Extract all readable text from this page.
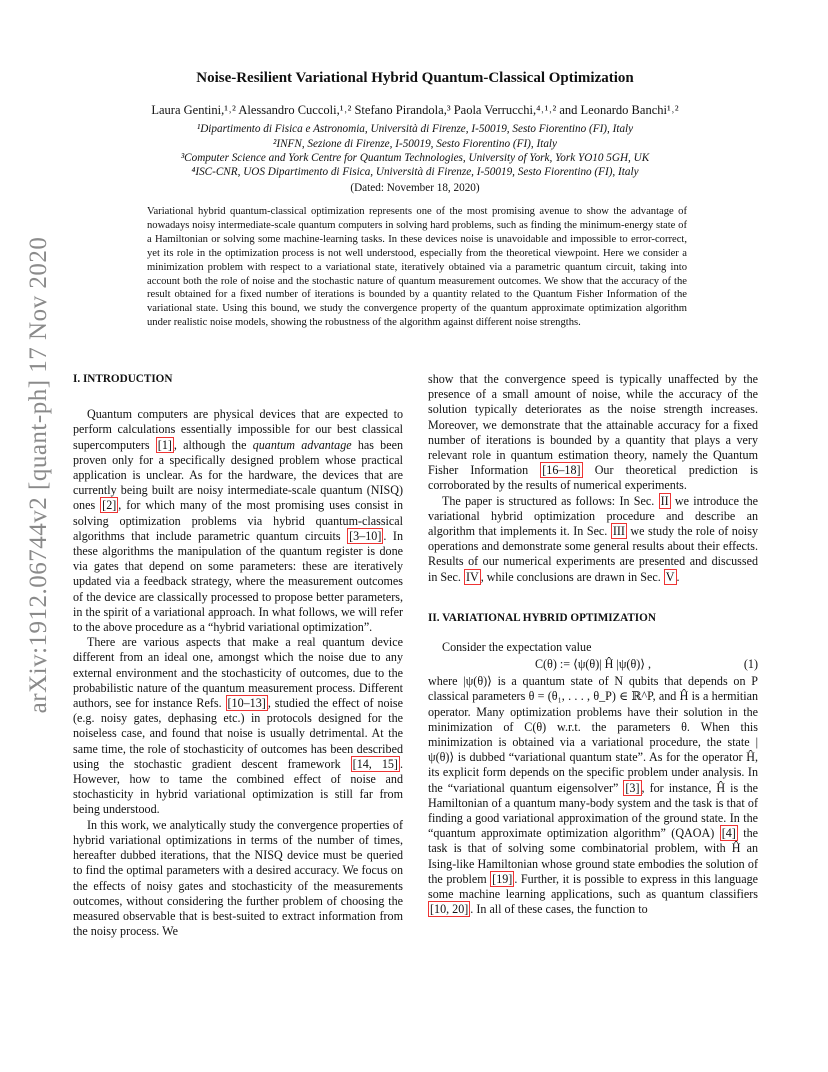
arXiv:1912.06744v2 [quant-ph] 17 Nov 2020
Noise-Resilient Variational Hybrid Quantum-Classical Optimization
Laura Gentini,¹˒² Alessandro Cuccoli,¹˒² Stefano Pirandola,³ Paola Verrucchi,⁴˒¹˒² and Leonardo Banchi¹˒²
¹Dipartimento di Fisica e Astronomia, Università di Firenze, I-50019, Sesto Fiorentino (FI), Italy
²INFN, Sezione di Firenze, I-50019, Sesto Fiorentino (FI), Italy
³Computer Science and York Centre for Quantum Technologies, University of York, York YO10 5GH, UK
⁴ISC-CNR, UOS Dipartimento di Fisica, Università di Firenze, I-50019, Sesto Fiorentino (FI), Italy
(Dated: November 18, 2020)

Variational hybrid quantum-classical optimization represents one of the most promising avenue to show the advantage of nowadays noisy intermediate-scale quantum computers in solving hard problems, such as finding the minimum-energy state of a Hamiltonian or solving some machine-learning tasks. In these devices noise is unavoidable and impossible to error-correct, yet its role in the optimization process is not well understood, especially from the theoretical viewpoint. Here we consider a minimization problem with respect to a variational state, iteratively obtained via a parametric quantum circuit, taking into account both the role of noise and the stochastic nature of quantum measurement outcomes. We show that the accuracy of the result obtained for a fixed number of iterations is bounded by a quantity related to the Quantum Fisher Information of the variational state. Using this bound, we study the convergence property of the quantum approximate optimization algorithm under realistic noise models, showing the robustness of the algorithm against different noise strengths.

I. INTRODUCTION

Quantum computers are physical devices that are expected to perform calculations essentially impossible for our best classical supercomputers [1] , although the quantum advantage has been proven only for a specifically designed problem whose practical application is unclear. As for the hardware, the devices that are currently being built are noisy intermediate-scale quantum (NISQ) ones [2] , for which many of the most promising uses consist in solving optimization problems via hybrid quantum-classical algorithms that include parametric quantum circuits [3–10] . In these algorithms the manipulation of the quantum register is done via gates that depend on some parameters: these are iteratively updated via a feedback strategy, where the measurement outcomes of the device are classically processed to propose better parameters, in the spirit of a variational approach. In what follows, we will refer to the above procedure as a “hybrid variational optimization”.

There are various aspects that make a real quantum device different from an ideal one, amongst which the noise due to any external environment and the stochasticity of outcomes, due to the probabilistic nature of the quantum measurement process. Different authors, see for instance Refs. [10–13] , studied the effect of noise (e.g. noisy gates, dephasing etc.) in protocols designed for the noiseless case, and found that noise is usually detrimental. At the same time, the role of stochasticity of outcomes has been described using the stochastic gradient descent framework [14, 15] . However, how to tame the combined effect of noise and stochasticity in hybrid variational optimization is still far from being understood.

In this work, we analytically study the convergence properties of hybrid variational optimizations in terms of the number of times, hereafter dubbed iterations, that the NISQ device must be queried to find the optimal parameters with a desired accuracy. We focus on the effects of noisy gates and stochasticity of the measurements outcomes, without considering the further problem of choosing the measured observable that is best-suited to extract information from the noisy process. We

show that the convergence speed is typically unaffected by the presence of a small amount of noise, while the accuracy of the solution typically deteriorates as the noise strength increases. Moreover, we demonstrate that the attainable accuracy for a fixed number of iterations is bounded by a quantity that plays a very relevant role in quantum estimation theory, namely the Quantum Fisher Information [16–18] Our theoretical prediction is corroborated by the results of numerical experiments.

The paper is structured as follows: In Sec. II we introduce the variational hybrid optimization procedure and describe an algorithm that implements it. In Sec. III we study the role of noisy operations and demonstrate some general results about their effects. Results of our numerical experiments are presented and discussed in Sec. IV , while conclusions are drawn in Sec. V .

II. VARIATIONAL HYBRID OPTIMIZATION

Consider the expectation value

C(θ) := ⟨ψ(θ)| Ĥ |ψ(θ)⟩ ,	(1)

where |ψ(θ)⟩ is a quantum state of N qubits that depends on P classical parameters θ = (θ₁, . . . , θ_P) ∈ ℝ^P, and Ĥ is a hermitian operator. Many optimization problems have their solution in the minimization of C(θ) w.r.t. the parameters θ. When this minimization is obtained via a variational procedure, the state |ψ(θ)⟩ is dubbed “variational quantum state”. As for the operator Ĥ, its explicit form depends on the specific problem under analysis. In the “variational quantum eigensolver” [3] , for instance, Ĥ is the Hamiltonian of a quantum many-body system and the task is that of finding a good variational approximation of the ground state. In the “quantum approximate optimization algorithm” (QAOA) [4] the task is that of solving some combinatorial problem, with Ĥ an Ising-like Hamiltonian whose ground state embodies the solution of the problem [19] . Further, it is possible to express in this language some machine learning applications, such as quantum classifiers [10, 20] . In all of these cases, the function to
